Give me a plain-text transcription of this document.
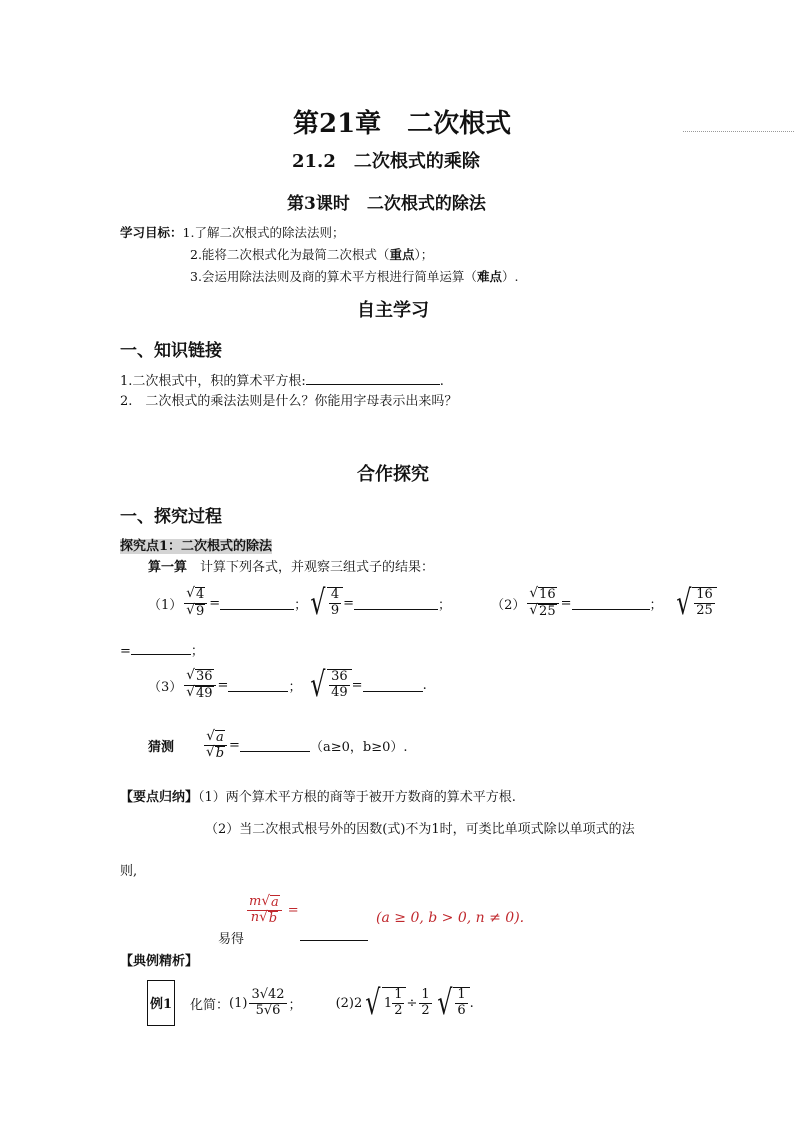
第21章　二次根式
21.2　二次根式的乘除
第3课时　二次根式的除法
学习目标：1.了解二次根式的除法法则；
2.能将二次根式化为最简二次根式（重点）；
3.会运用除法法则及商的算术平方根进行简单运算（难点）.
自主学习
一、知识链接
1.二次根式中，积的算术平方根:	.
2.　二次根式的乘法法则是什么？你能用字母表示出来吗？
合作探究
一、探究过程
探究点1：二次根式的除法
算一算　 计算下列各式，并观察三组式子的结果：
$(1) \frac{√ 4}{√ 9}$ =	； √ $\frac{4}{9}$ =	；	$(2) \frac{√ 16}{√ 25}$ =	； √ $\frac{16}{25}$
=	；
$(3) \frac{√ 36}{√ 49}$ =	； √ $\frac{36}{49}$ =	.
猜测 $\frac{√ a}{√ b}$ =	（a≥0，b≥0）.
【要点归纳】（1）两个算术平方根的商等于被开方数商的算术平方根.
（2）当二次根式根号外的因数(式)不为1时，可类比单项式除以单项式的法
则,
$\frac{m √ a}{n √ b}$ =
易得
(a ≥ 0, b > 0, n ≠ 0).
【典例精析】
例1 化简： $(1) \frac{3√42}{5√6}$ ；	(2)2 √ $1 \frac{1}{2} \div \frac{1}{2}$ √ $\frac{1}{6}$ .
